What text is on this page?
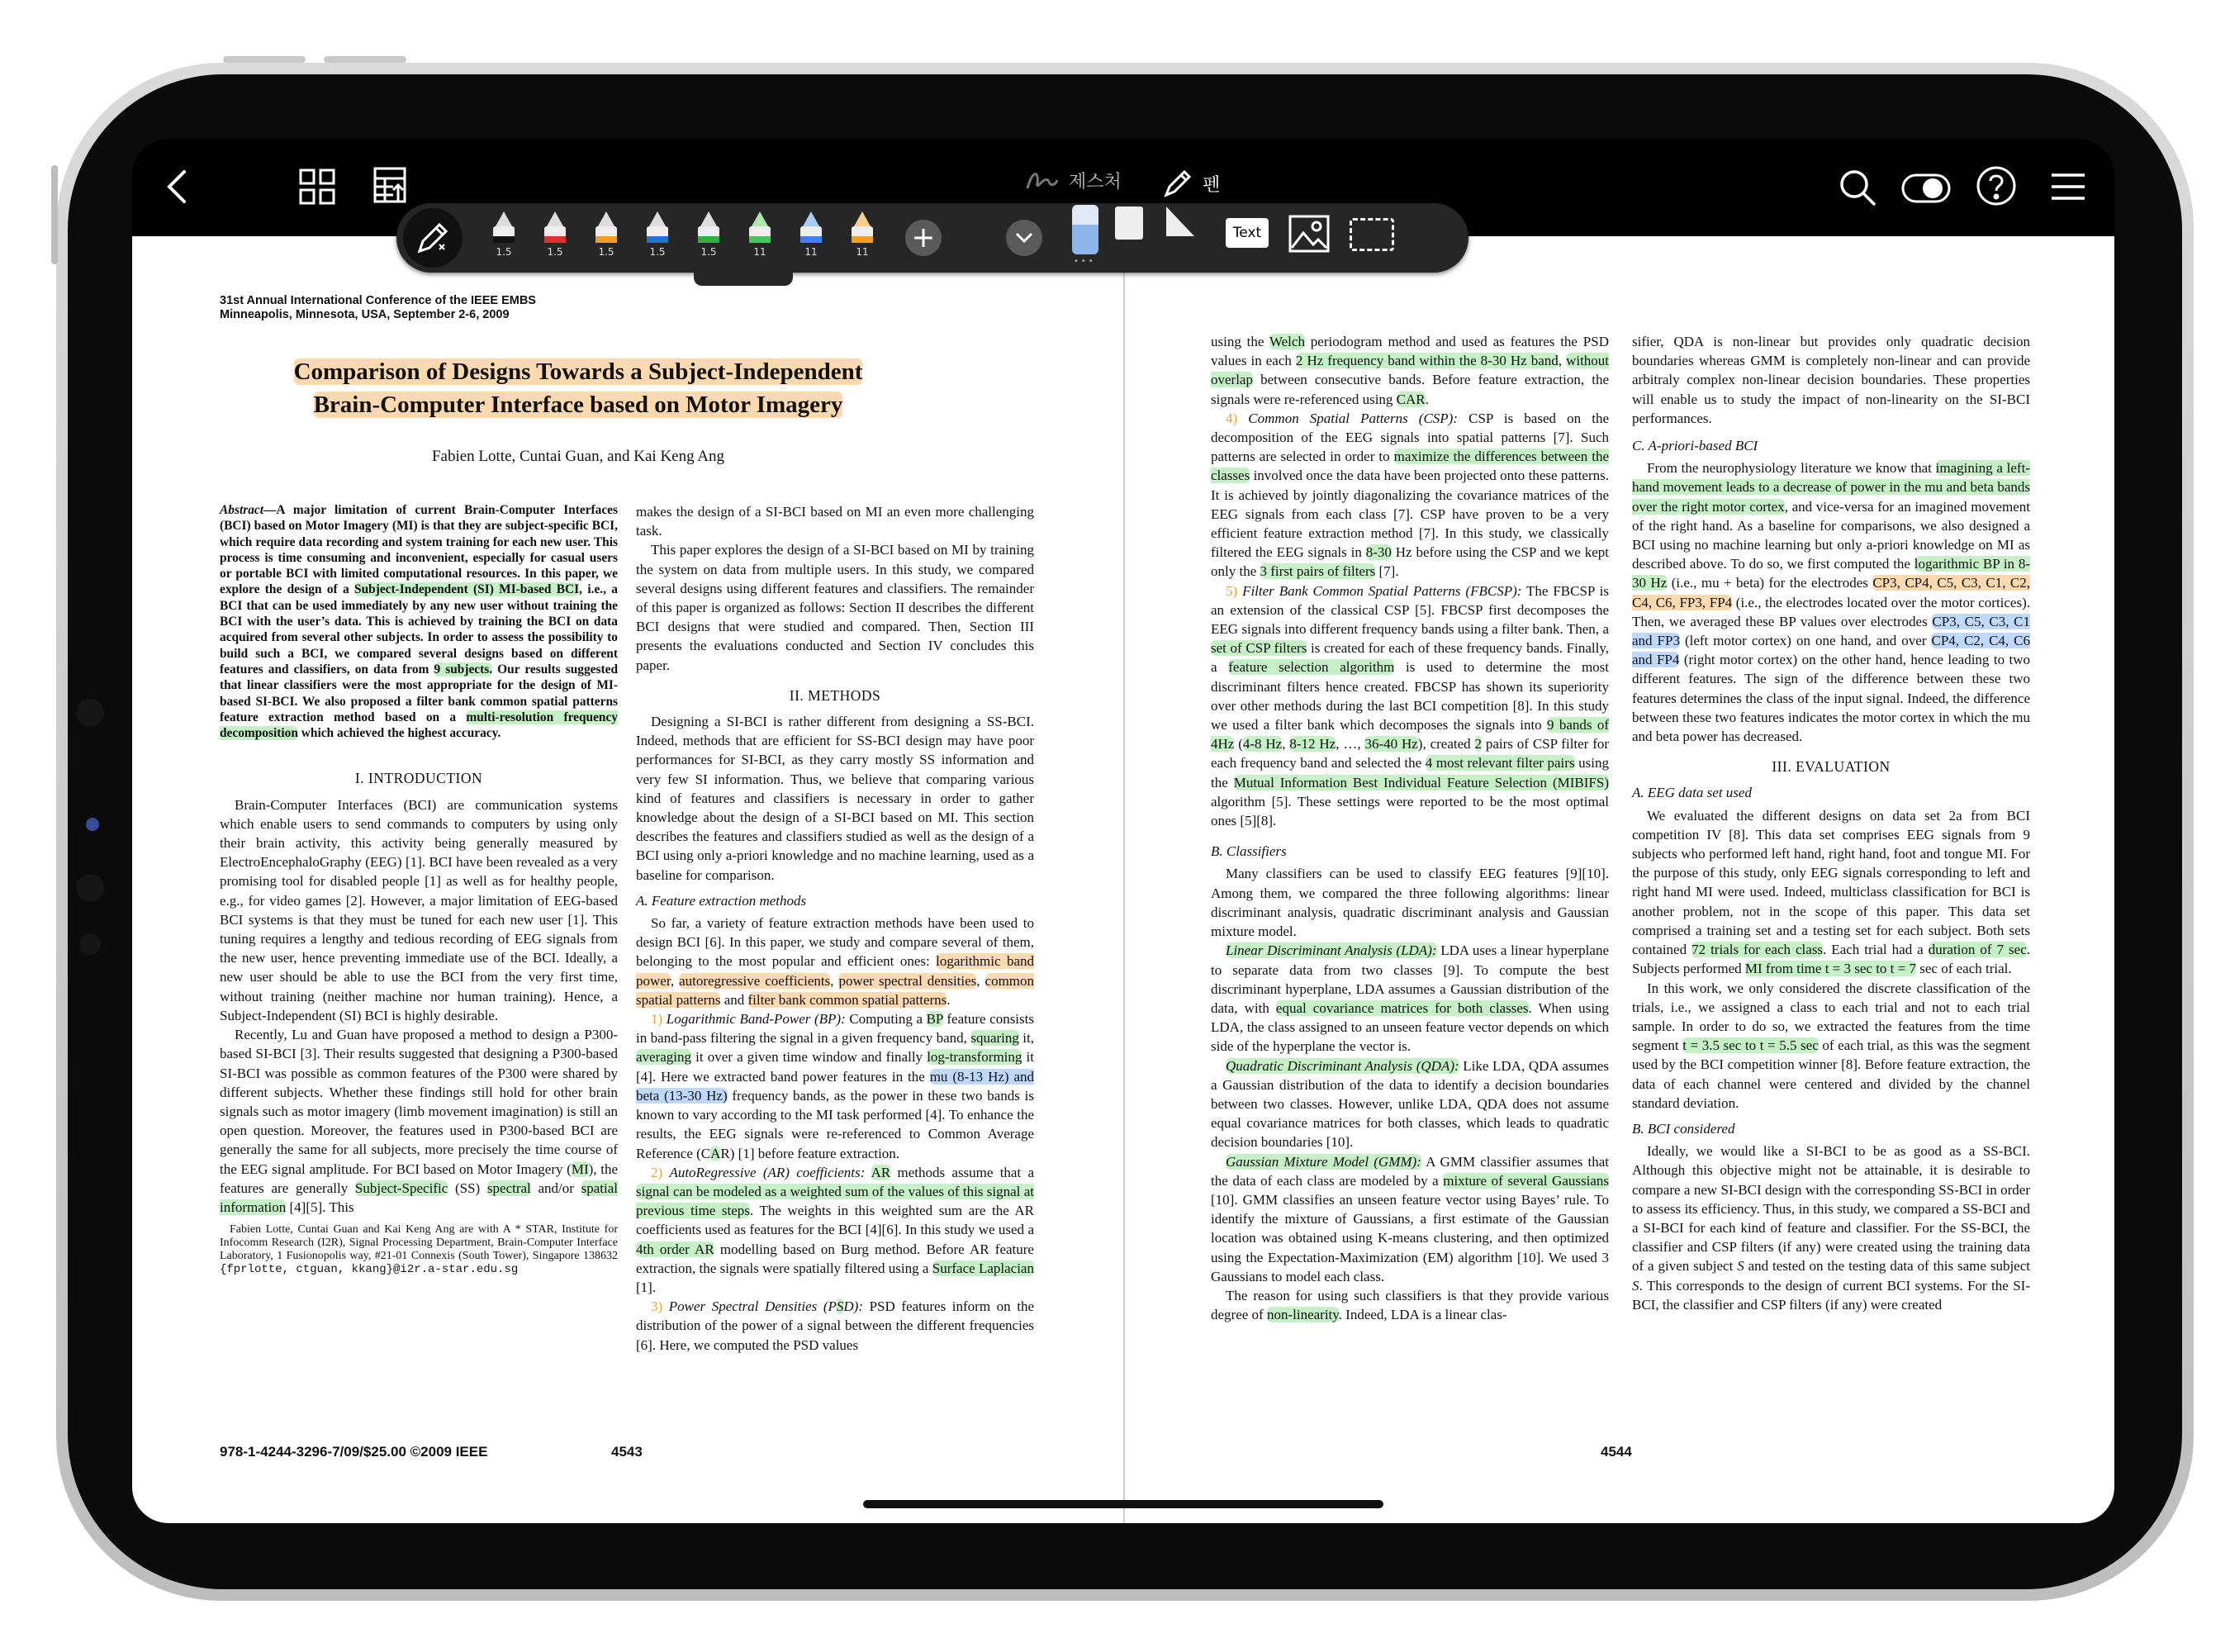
제스처	펜
31st Annual International Conference of the IEEE EMBS
Minneapolis, Minnesota, USA, September 2-6, 2009
Comparison of Designs Towards a Subject-Independent
Brain-Computer Interface based on Motor Imagery
Fabien Lotte, Cuntai Guan, and Kai Keng Ang

Abstract—A major limitation of current Brain-Computer Interfaces (BCI) based on Motor Imagery (MI) is that they are subject-specific BCI, which require data recording and system training for each new user. This process is time consuming and inconvenient, especially for casual users or portable BCI with limited computational resources. In this paper, we explore the design of a Subject-Independent (SI) MI-based BCI, i.e., a BCI that can be used immediately by any new user without training the BCI with the user’s data. This is achieved by training the BCI on data acquired from several other subjects. In order to assess the possibility to build such a BCI, we compared several designs based on different features and classifiers, on data from 9 subjects. Our results suggested that linear classifiers were the most appropriate for the design of MI-based SI-BCI. We also proposed a filter bank common spatial patterns feature extraction method based on a multi-resolution frequency decomposition which achieved the highest accuracy.

I. INTRODUCTION

Brain-Computer Interfaces (BCI) are communication systems which enable users to send commands to computers by using only their brain activity, this activity being generally measured by ElectroEncephaloGraphy (EEG) [1]. BCI have been revealed as a very promising tool for disabled people [1] as well as for healthy people, e.g., for video games [2]. However, a major limitation of EEG-based BCI systems is that they must be tuned for each new user [1]. This tuning requires a lengthy and tedious recording of EEG signals from the new user, hence preventing immediate use of the BCI. Ideally, a new user should be able to use the BCI from the very first time, without training (neither machine nor human training). Hence, a Subject-Independent (SI) BCI is highly desirable.

Recently, Lu and Guan have proposed a method to design a P300-based SI-BCI [3]. Their results suggested that designing a P300-based SI-BCI was possible as common features of the P300 were shared by different subjects. Whether these findings still hold for other brain signals such as motor imagery (limb movement imagination) is still an open question. Moreover, the features used in P300-based BCI are generally the same for all subjects, more precisely the time course of the EEG signal amplitude. For BCI based on Motor Imagery (MI), the features are generally Subject-Specific (SS) spectral and/or spatial information [4][5]. This

Fabien Lotte, Cuntai Guan and Kai Keng Ang are with A * STAR, Institute for Infocomm Research (I2R), Signal Processing Department, Brain-Computer Interface Laboratory, 1 Fusionopolis way, #21-01 Connexis (South Tower), Singapore 138632 {fprlotte, ctguan, kkang}@i2r.a-star.edu.sg

makes the design of a SI-BCI based on MI an even more challenging task.

This paper explores the design of a SI-BCI based on MI by training the system on data from multiple users. In this study, we compared several designs using different features and classifiers. The remainder of this paper is organized as follows: Section II describes the different BCI designs that were studied and compared. Then, Section III presents the evaluations conducted and Section IV concludes this paper.

II. METHODS

Designing a SI-BCI is rather different from designing a SS-BCI. Indeed, methods that are efficient for SS-BCI design may have poor performances for SI-BCI, as they carry mostly SS information and very few SI information. Thus, we believe that comparing various kind of features and classifiers is necessary in order to gather knowledge about the design of a SI-BCI based on MI. This section describes the features and classifiers studied as well as the design of a BCI using only a-priori knowledge and no machine learning, used as a baseline for comparison.

A. Feature extraction methods

So far, a variety of feature extraction methods have been used to design BCI [6]. In this paper, we study and compare several of them, belonging to the most popular and efficient ones: logarithmic band power, autoregressive coefficients, power spectral densities, common spatial patterns and filter bank common spatial patterns.

1) Logarithmic Band-Power (BP): Computing a BP feature consists in band-pass filtering the signal in a given frequency band, squaring it, averaging it over a given time window and finally log-transforming it [4]. Here we extracted band power features in the mu (8-13 Hz) and beta (13-30 Hz) frequency bands, as the power in these two bands is known to vary according to the MI task performed [4]. To enhance the results, the EEG signals were re-referenced to Common Average Reference (CAR) [1] before feature extraction.

2) AutoRegressive (AR) coefficients: AR methods assume that a signal can be modeled as a weighted sum of the values of this signal at previous time steps. The weights in this weighted sum are the AR coefficients used as features for the BCI [4][6]. In this study we used a 4th order AR modelling based on Burg method. Before AR feature extraction, the signals were spatially filtered using a Surface Laplacian [1].

3) Power Spectral Densities (PSD): PSD features inform on the distribution of the power of a signal between the different frequencies [6]. Here, we computed the PSD values

978-1-4244-3296-7/09/$25.00 ©2009 IEEE	4543

using the Welch periodogram method and used as features the PSD values in each 2 Hz frequency band within the 8-30 Hz band, without overlap between consecutive bands. Before feature extraction, the signals were re-referenced using CAR.

4) Common Spatial Patterns (CSP): CSP is based on the decomposition of the EEG signals into spatial patterns [7]. Such patterns are selected in order to maximize the differences between the classes involved once the data have been projected onto these patterns. It is achieved by jointly diagonalizing the covariance matrices of the EEG signals from each class [7]. CSP have proven to be a very efficient feature extraction method [7]. In this study, we classically filtered the EEG signals in 8-30 Hz before using the CSP and we kept only the 3 first pairs of filters [7].

5) Filter Bank Common Spatial Patterns (FBCSP): The FBCSP is an extension of the classical CSP [5]. FBCSP first decomposes the EEG signals into different frequency bands using a filter bank. Then, a set of CSP filters is created for each of these frequency bands. Finally, a feature selection algorithm is used to determine the most discriminant filters hence created. FBCSP has shown its superiority over other methods during the last BCI competition [8]. In this study we used a filter bank which decomposes the signals into 9 bands of 4Hz (4-8 Hz, 8-12 Hz, …, 36-40 Hz), created 2 pairs of CSP filter for each frequency band and selected the 4 most relevant filter pairs using the Mutual Information Best Individual Feature Selection (MIBIFS) algorithm [5]. These settings were reported to be the most optimal ones [5][8].

B. Classifiers

Many classifiers can be used to classify EEG features [9][10]. Among them, we compared the three following algorithms: linear discriminant analysis, quadratic discriminant analysis and Gaussian mixture model.

Linear Discriminant Analysis (LDA): LDA uses a linear hyperplane to separate data from two classes [9]. To compute the best discriminant hyperplane, LDA assumes a Gaussian distribution of the data, with equal covariance matrices for both classes. When using LDA, the class assigned to an unseen feature vector depends on which side of the hyperplane the vector is.

Quadratic Discriminant Analysis (QDA): Like LDA, QDA assumes a Gaussian distribution of the data to identify a decision boundaries between two classes. However, unlike LDA, QDA does not assume equal covariance matrices for both classes, which leads to quadratic decision boundaries [10].

Gaussian Mixture Model (GMM): A GMM classifier assumes that the data of each class are modeled by a mixture of several Gaussians [10]. GMM classifies an unseen feature vector using Bayes’ rule. To identify the mixture of Gaussians, a first estimate of the Gaussian location was obtained using K-means clustering, and then optimized using the Expectation-Maximization (EM) algorithm [10]. We used 3 Gaussians to model each class.

The reason for using such classifiers is that they provide various degree of non-linearity. Indeed, LDA is a linear clas-

sifier, QDA is non-linear but provides only quadratic decision boundaries whereas GMM is completely non-linear and can provide arbitraly complex non-linear decision boundaries. These properties will enable us to study the impact of non-linearity on the SI-BCI performances.

C. A-priori-based BCI

From the neurophysiology literature we know that imagining a left-hand movement leads to a decrease of power in the mu and beta bands over the right motor cortex, and vice-versa for an imagined movement of the right hand. As a baseline for comparisons, we also designed a BCI using no machine learning but only a-priori knowledge on MI as described above. To do so, we first computed the logarithmic BP in 8-30 Hz (i.e., mu + beta) for the electrodes CP3, CP4, C5, C3, C1, C2, C4, C6, FP3, FP4 (i.e., the electrodes located over the motor cortices). Then, we averaged these BP values over electrodes CP3, C5, C3, C1 and FP3 (left motor cortex) on one hand, and over CP4, C2, C4, C6 and FP4 (right motor cortex) on the other hand, hence leading to two different features. The sign of the difference between these two features determines the class of the input signal. Indeed, the difference between these two features indicates the motor cortex in which the mu and beta power has decreased.

III. EVALUATION
A. EEG data set used

We evaluated the different designs on data set 2a from BCI competition IV [8]. This data set comprises EEG signals from 9 subjects who performed left hand, right hand, foot and tongue MI. For the purpose of this study, only EEG signals corresponding to left and right hand MI were used. Indeed, multiclass classification for BCI is another problem, not in the scope of this paper. This data set comprised a training set and a testing set for each subject. Both sets contained 72 trials for each class. Each trial had a duration of 7 sec. Subjects performed MI from time t = 3 sec to t = 7 sec of each trial.

In this work, we only considered the discrete classification of the trials, i.e., we assigned a class to each trial and not to each trial sample. In order to do so, we extracted the features from the time segment t = 3.5 sec to t = 5.5 sec of each trial, as this was the segment used by the BCI competition winner [8]. Before feature extraction, the data of each channel were centered and divided by the channel standard deviation.

B. BCI considered

Ideally, we would like a SI-BCI to be as good as a SS-BCI. Although this objective might not be attainable, it is desirable to compare a new SI-BCI design with the corresponding SS-BCI in order to assess its efficiency. Thus, in this study, we compared a SS-BCI and a SI-BCI for each kind of feature and classifier. For the SS-BCI, the classifier and CSP filters (if any) were created using the training data of a given subject S and tested on the testing data of this same subject S. This corresponds to the design of current BCI systems. For the SI-BCI, the classifier and CSP filters (if any) were created

4544
1.5	1.5	1.5	1.5	1.5	11	11	11
•••
Text
